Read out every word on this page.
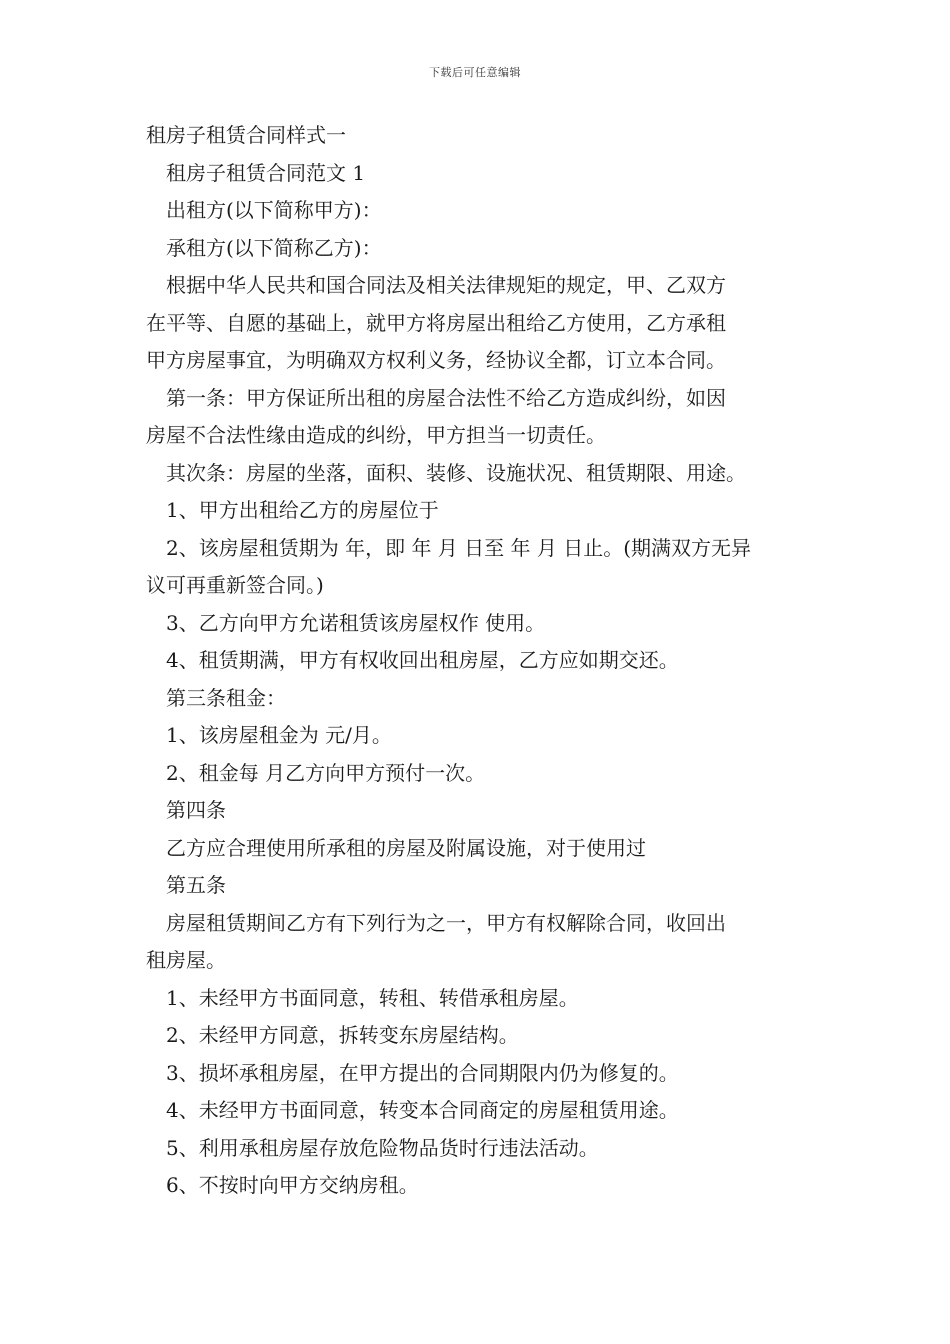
下载后可任意编辑

租房子租赁合同样式一

租房子租赁合同范文 1

出租方(以下简称甲方)：

承租方(以下简称乙方)：

根据中华人民共和国合同法及相关法律规矩的规定，甲、乙双方

在平等、自愿的基础上，就甲方将房屋出租给乙方使用，乙方承租

甲方房屋事宜，为明确双方权利义务，经协议全都，订立本合同。

第一条：甲方保证所出租的房屋合法性不给乙方造成纠纷，如因

房屋不合法性缘由造成的纠纷，甲方担当一切责任。

其次条：房屋的坐落，面积、装修、设施状况、租赁期限、用途。

1、甲方出租给乙方的房屋位于

2、该房屋租赁期为 年，即 年 月 日至 年 月 日止。(期满双方无异

议可再重新签合同。)

3、乙方向甲方允诺租赁该房屋权作 使用。

4、租赁期满，甲方有权收回出租房屋，乙方应如期交还。

第三条租金：

1、该房屋租金为 元/月。

2、租金每 月乙方向甲方预付一次。

第四条

乙方应合理使用所承租的房屋及附属设施，对于使用过

第五条

房屋租赁期间乙方有下列行为之一，甲方有权解除合同，收回出

租房屋。

1、未经甲方书面同意，转租、转借承租房屋。

2、未经甲方同意，拆转变东房屋结构。

3、损坏承租房屋，在甲方提出的合同期限内仍为修复的。

4、未经甲方书面同意，转变本合同商定的房屋租赁用途。

5、利用承租房屋存放危险物品货时行违法活动。

6、不按时向甲方交纳房租。
